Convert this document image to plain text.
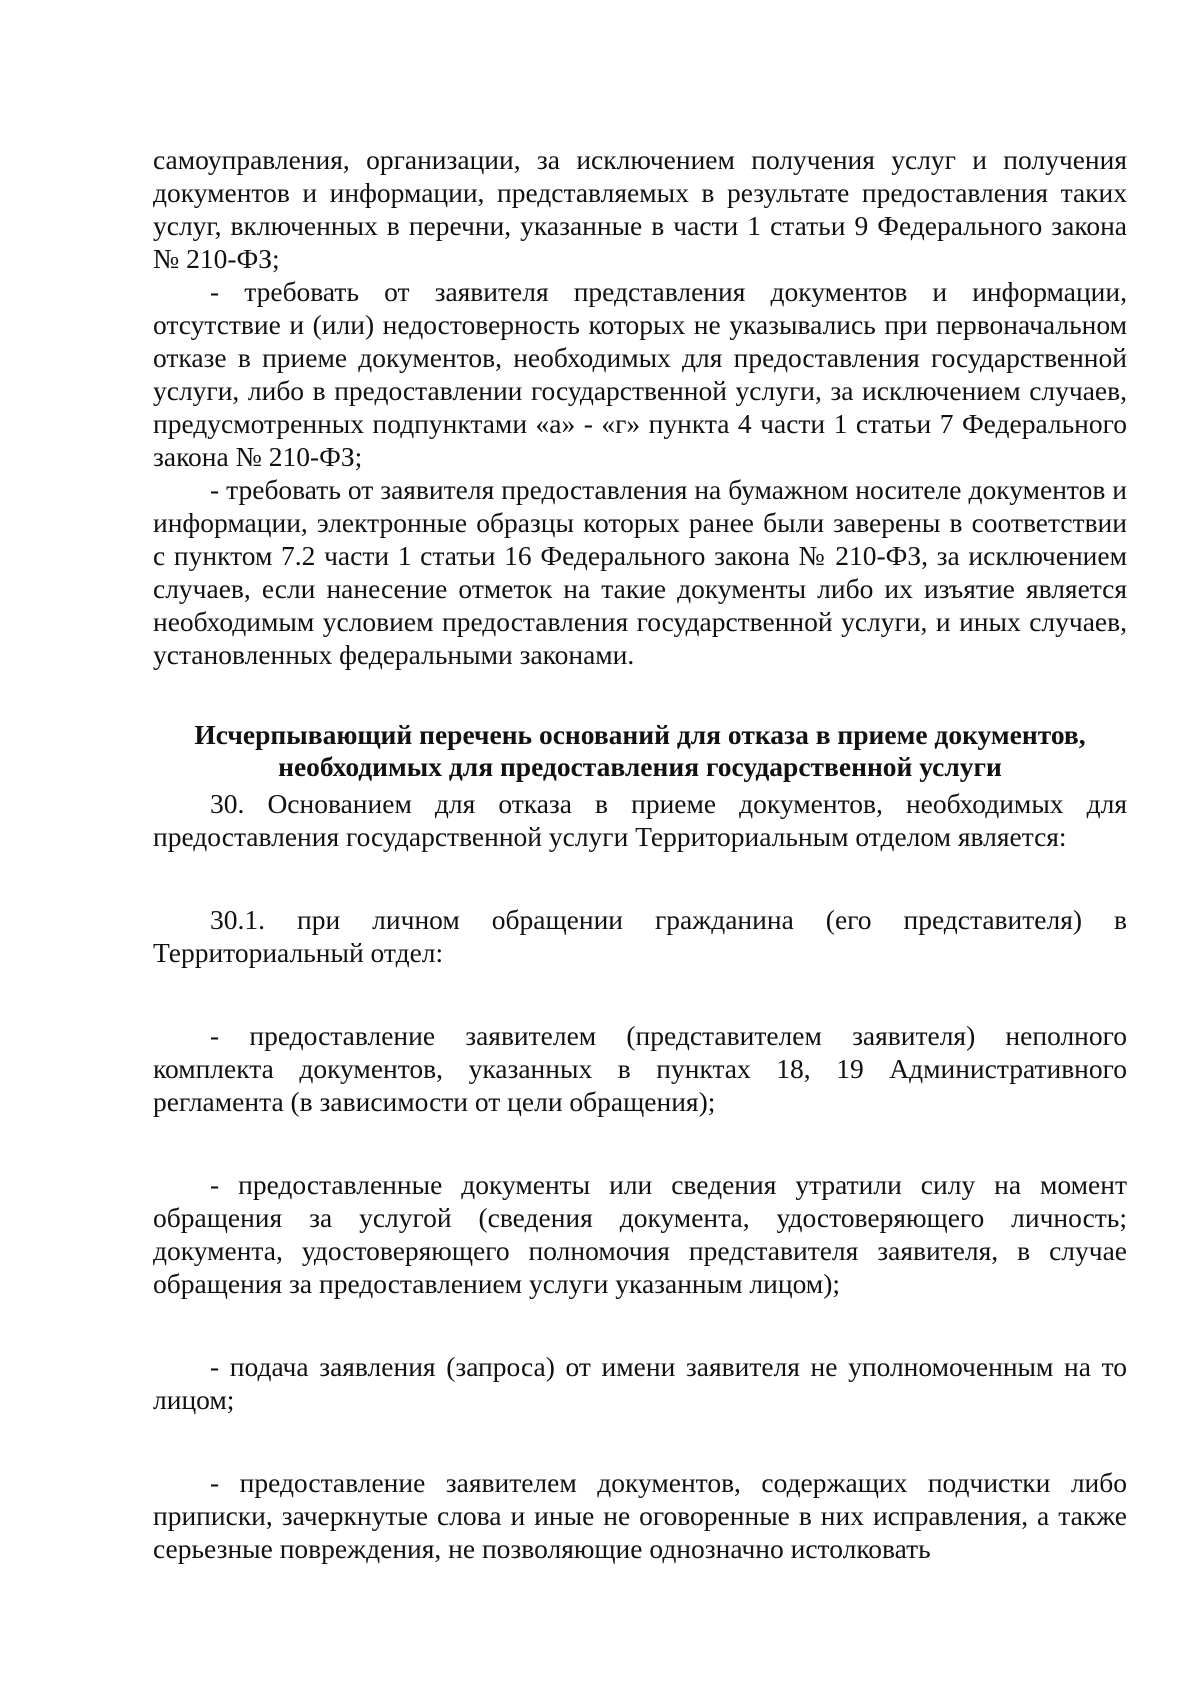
самоуправления, организации, за исключением получения услуг и получения документов и информации, представляемых в результате предоставления таких услуг, включенных в перечни, указанные в части 1 статьи 9 Федерального закона № 210-ФЗ;

- требовать от заявителя представления документов и информации, отсутствие и (или) недостоверность которых не указывались при первоначальном отказе в приеме документов, необходимых для предоставления государственной услуги, либо в предоставлении государственной услуги, за исключением случаев, предусмотренных подпунктами «а» - «г» пункта 4 части 1 статьи 7 Федерального закона № 210-ФЗ;

- требовать от заявителя предоставления на бумажном носителе документов и информации, электронные образцы которых ранее были заверены в соответствии с пунктом 7.2 части 1 статьи 16 Федерального закона № 210-ФЗ, за исключением случаев, если нанесение отметок на такие документы либо их изъятие является необходимым условием предоставления государственной услуги, и иных случаев, установленных федеральными законами.

Исчерпывающий перечень оснований для отказа в приеме документов,
необходимых для предоставления государственной услуги

30. Основанием для отказа в приеме документов, необходимых для предоставления государственной услуги Территориальным отделом является:

30.1. при личном обращении гражданина (его представителя) в Территориальный отдел:

- предоставление заявителем (представителем заявителя) неполного комплекта документов, указанных в пунктах 18, 19 Административного регламента (в зависимости от цели обращения);

- предоставленные документы или сведения утратили силу на момент обращения за услугой (сведения документа, удостоверяющего личность; документа, удостоверяющего полномочия представителя заявителя, в случае обращения за предоставлением услуги указанным лицом);

- подача заявления (запроса) от имени заявителя не уполномоченным на то лицом;

- предоставление заявителем документов, содержащих подчистки либо приписки, зачеркнутые слова и иные не оговоренные в них исправления, а также серьезные повреждения, не позволяющие однозначно истолковать
